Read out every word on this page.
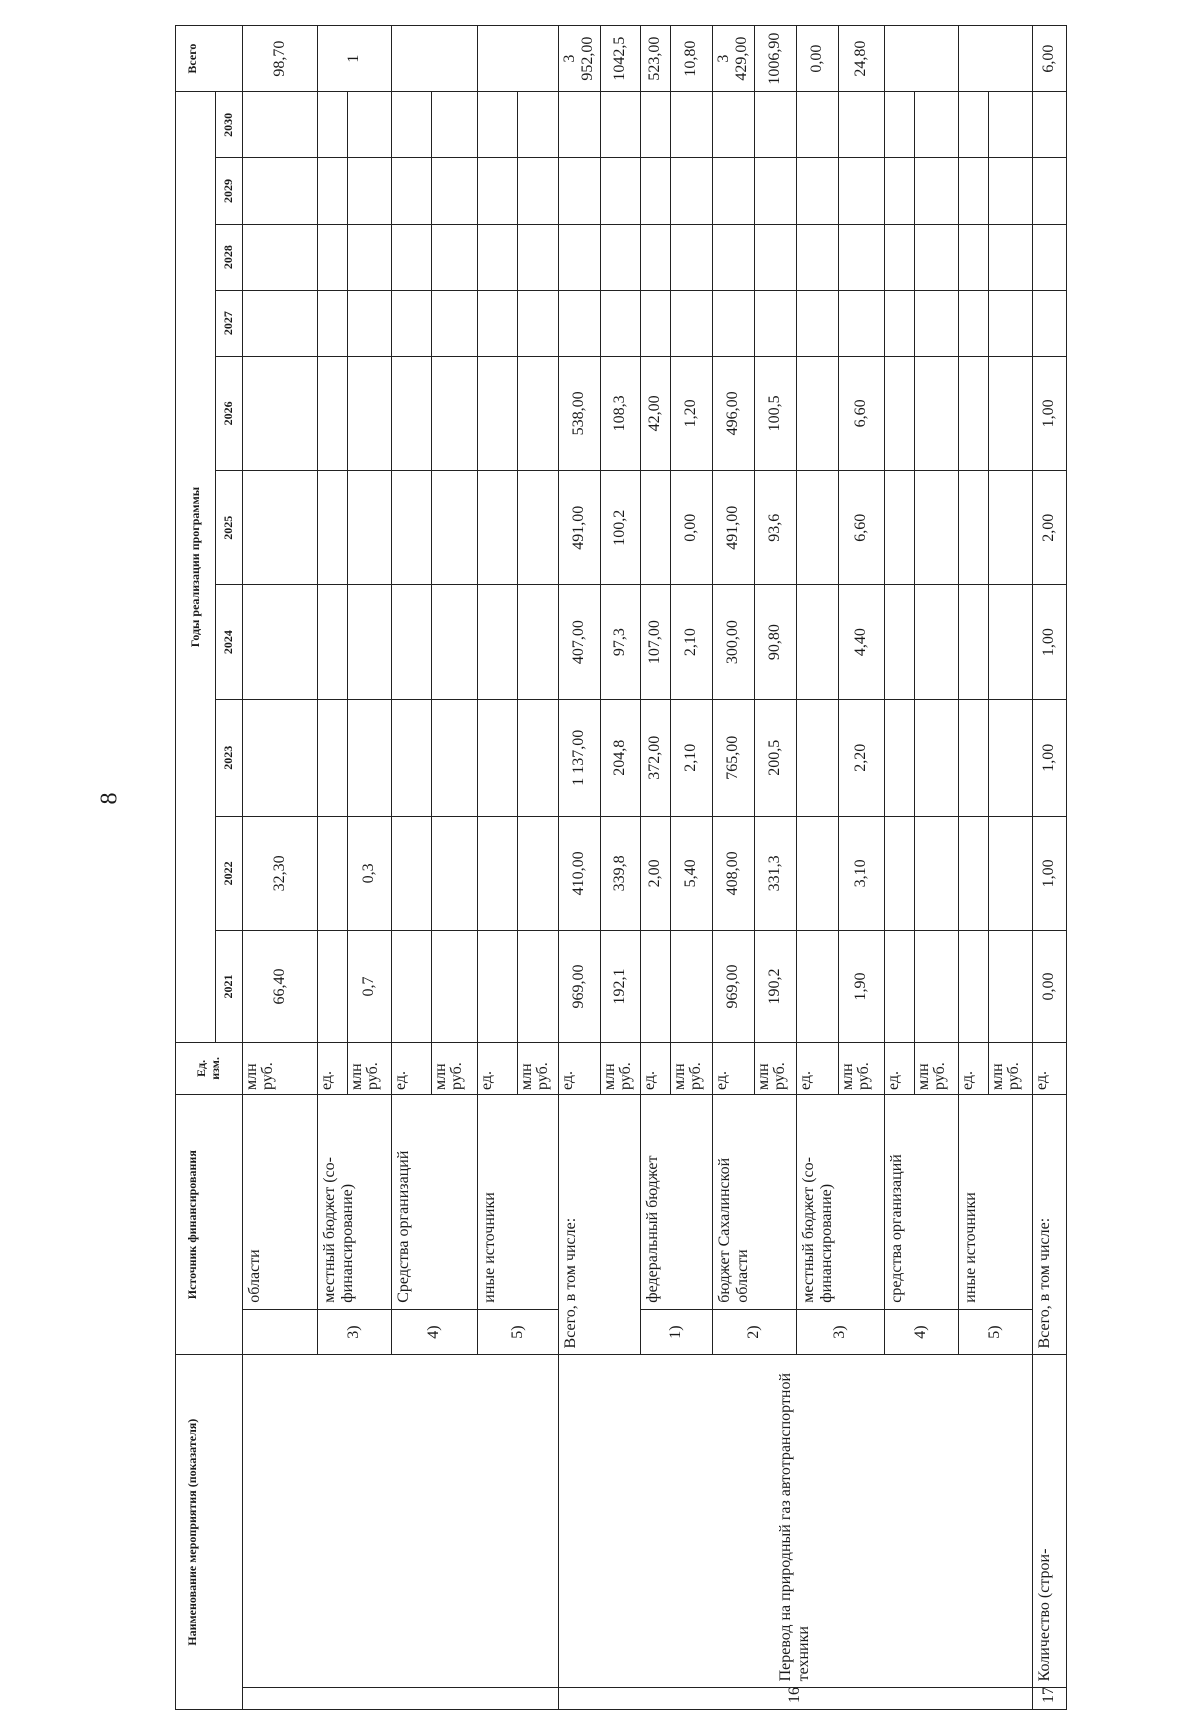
8
Наименование мероприятия (показателя)		Источник финансирования		Ед. изм.	Годы реализации программы										Всего
					2021	2022	2023	2024	2025	2026	2027	2028	2029	2030	
			области	млн руб.	66,40	32,30									98,70
		3)	местный бюджет (со-финансирование)	ед.											1
				млн руб.	0,7	0,3									
		4)	Средства организаций	ед.											
				млн руб.											
		5)	иные источники	ед.											
				млн руб.											
16	Перевод на природный газ автотранспортной техники	Всего, в том числе:		ед.	969,00	410,00	1 137,00	407,00	491,00	538,00					3 952,00
				млн руб.	192,1	339,8	204,8	97,3	100,2	108,3					1042,5
		1)	федеральный бюджет	ед.		2,00	372,00	107,00		42,00					523,00
				млн руб.		5,40	2,10	2,10	0,00	1,20					10,80
		2)	бюджет Сахалинской области	ед.	969,00	408,00	765,00	300,00	491,00	496,00					3 429,00
				млн руб.	190,2	331,3	200,5	90,80	93,6	100,5					1006,90
		3)	местный бюджет (со-финансирование)	ед.											0,00
				млн руб.	1,90	3,10	2,20	4,40	6,60	6,60					24,80
		4)	средства организаций	ед.											
				млн руб.											
		5)	иные источники	ед.											
				млн руб.											
17	Количество (строи-	Всего, в том числе:		ед.	0,00	1,00	1,00	1,00	2,00	1,00					6,00
